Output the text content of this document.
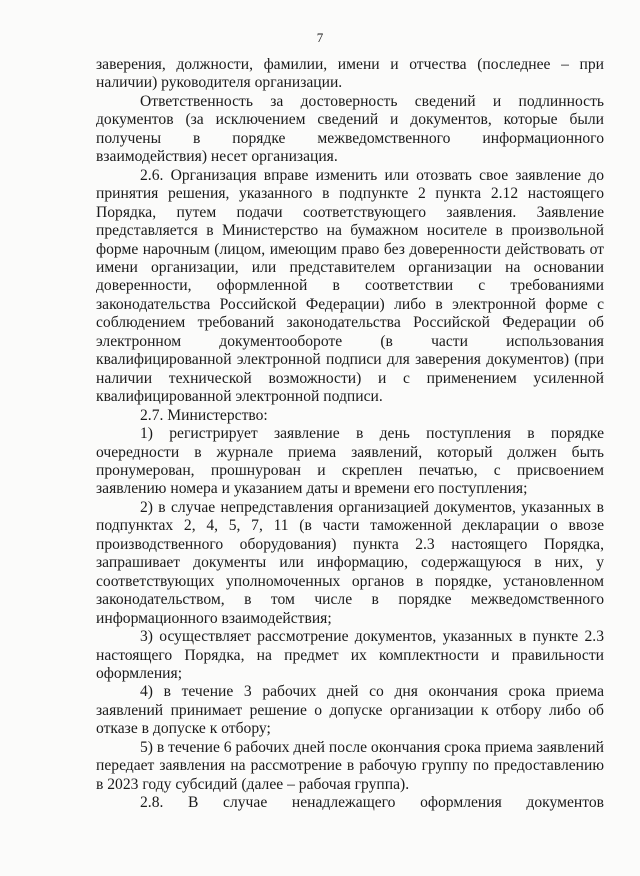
7

заверения, должности, фамилии, имени и отчества (последнее – при наличии) руководителя организации.

Ответственность за достоверность сведений и подлинность документов (за исключением сведений и документов, которые были получены в порядке межведомственного информационного взаимодействия) несет организация.

2.6. Организация вправе изменить или отозвать свое заявление до принятия решения, указанного в подпункте 2 пункта 2.12 настоящего Порядка, путем подачи соответствующего заявления. Заявление представляется в Министерство на бумажном носителе в произвольной форме нарочным (лицом, имеющим право без доверенности действовать от имени организации, или представителем организации на основании доверенности, оформленной в соответствии с требованиями законодательства Российской Федерации) либо в электронной форме с соблюдением требований законодательства Российской Федерации об электронном документообороте (в части использования квалифицированной электронной подписи для заверения документов) (при наличии технической возможности) и с применением усиленной квалифицированной электронной подписи.

2.7. Министерство:

1) регистрирует заявление в день поступления в порядке очередности в журнале приема заявлений, который должен быть пронумерован, прошнурован и скреплен печатью, с присвоением заявлению номера и указанием даты и времени его поступления;

2) в случае непредставления организацией документов, указанных в подпунктах 2, 4, 5, 7, 11 (в части таможенной декларации о ввозе производственного оборудования) пункта 2.3 настоящего Порядка, запрашивает документы или информацию, содержащуюся в них, у соответствующих уполномоченных органов в порядке, установленном законодательством, в том числе в порядке межведомственного информационного взаимодействия;

3) осуществляет рассмотрение документов, указанных в пункте 2.3 настоящего Порядка, на предмет их комплектности и правильности оформления;

4) в течение 3 рабочих дней со дня окончания срока приема заявлений принимает решение о допуске организации к отбору либо об отказе в допуске к отбору;

5) в течение 6 рабочих дней после окончания срока приема заявлений передает заявления на рассмотрение в рабочую группу по предоставлению в 2023 году субсидий (далее – рабочая группа).

2.8. В случае ненадлежащего оформления документов
